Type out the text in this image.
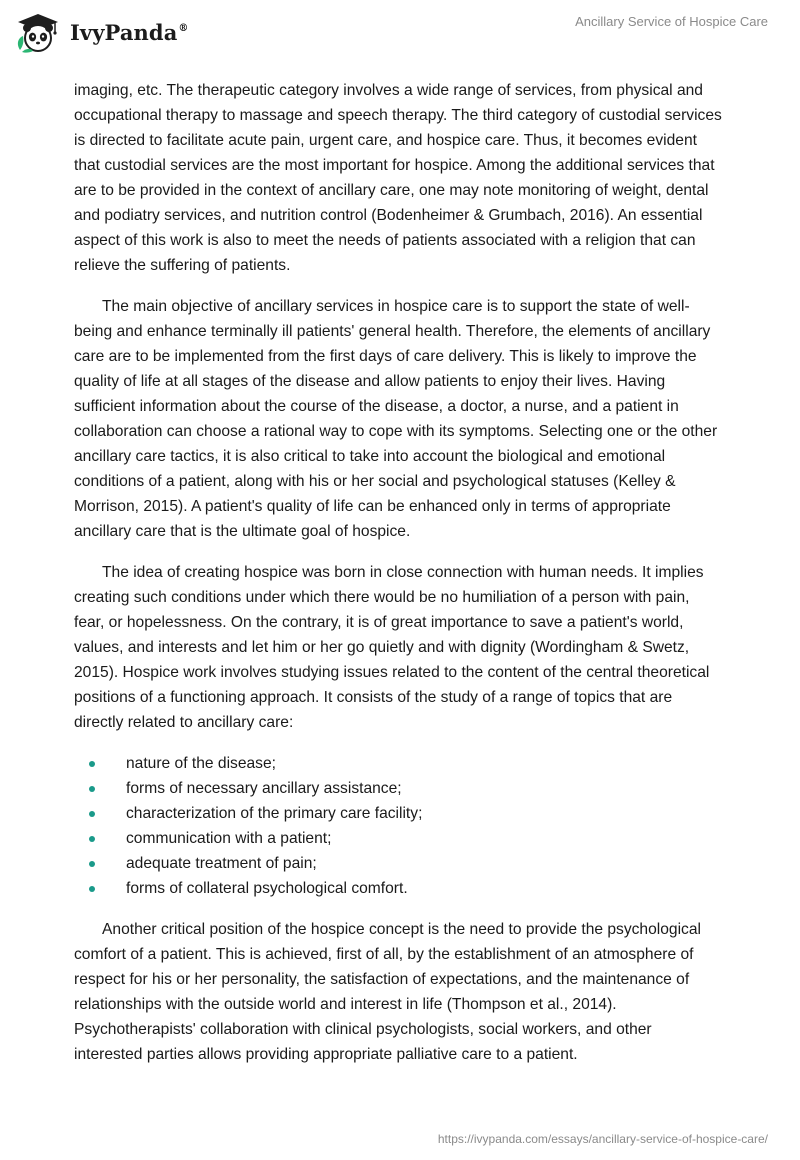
IvyPanda®	Ancillary Service of Hospice Care

imaging, etc. The therapeutic category involves a wide range of services, from physical and occupational therapy to massage and speech therapy. The third category of custodial services is directed to facilitate acute pain, urgent care, and hospice care. Thus, it becomes evident that custodial services are the most important for hospice. Among the additional services that are to be provided in the context of ancillary care, one may note monitoring of weight, dental and podiatry services, and nutrition control (Bodenheimer & Grumbach, 2016). An essential aspect of this work is also to meet the needs of patients associated with a religion that can relieve the suffering of patients.

The main objective of ancillary services in hospice care is to support the state of well-being and enhance terminally ill patients' general health. Therefore, the elements of ancillary care are to be implemented from the first days of care delivery. This is likely to improve the quality of life at all stages of the disease and allow patients to enjoy their lives. Having sufficient information about the course of the disease, a doctor, a nurse, and a patient in collaboration can choose a rational way to cope with its symptoms. Selecting one or the other ancillary care tactics, it is also critical to take into account the biological and emotional conditions of a patient, along with his or her social and psychological statuses (Kelley & Morrison, 2015). A patient's quality of life can be enhanced only in terms of appropriate ancillary care that is the ultimate goal of hospice.

The idea of creating hospice was born in close connection with human needs. It implies creating such conditions under which there would be no humiliation of a person with pain, fear, or hopelessness. On the contrary, it is of great importance to save a patient's world, values, and interests and let him or her go quietly and with dignity (Wordingham & Swetz, 2015). Hospice work involves studying issues related to the content of the central theoretical positions of a functioning approach. It consists of the study of a range of topics that are directly related to ancillary care:

nature of the disease;
forms of necessary ancillary assistance;
characterization of the primary care facility;
communication with a patient;
adequate treatment of pain;
forms of collateral psychological comfort.

Another critical position of the hospice concept is the need to provide the psychological comfort of a patient. This is achieved, first of all, by the establishment of an atmosphere of respect for his or her personality, the satisfaction of expectations, and the maintenance of relationships with the outside world and interest in life (Thompson et al., 2014). Psychotherapists' collaboration with clinical psychologists, social workers, and other interested parties allows providing appropriate palliative care to a patient.

https://ivypanda.com/essays/ancillary-service-of-hospice-care/
